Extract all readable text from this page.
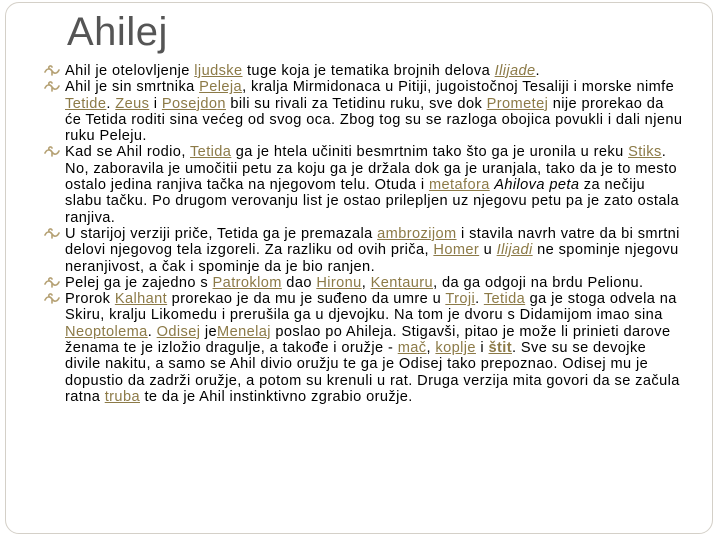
Ahilej
Ahil je otelovljenje ljudske tuge koja je tematika brojnih delova Ilijade.
Ahil je sin smrtnika Peleja, kralja Mirmidonaca u Pitiji, jugoistočnoj Tesaliji i morske nimfe Tetide. Zeus i Posejdon bili su rivali za Tetidinu ruku, sve dok Prometej nije prorekao da će Tetida roditi sina većeg od svog oca. Zbog tog su se razloga obojica povukli i dali njenu ruku Peleju.
Kad se Ahil rodio, Tetida ga je htela učiniti besmrtnim tako što ga je uronila u reku Stiks. No, zaboravila je umočitii petu za koju ga je držala dok ga je uranjala, tako da je to mesto ostalo jedina ranjiva tačka na njegovom telu. Otuda i metafora Ahilova peta za nečiju slabu tačku. Po drugom verovanju list je ostao prilepljen uz njegovu petu pa je zato ostala ranjiva.
U starijoj verziji priče, Tetida ga je premazala ambrozijom i stavila navrh vatre da bi smrtni delovi njegovog tela izgoreli. Za razliku od ovih priča, Homer u Ilijadi ne spominje njegovu neranjivost, a čak i spominje da je bio ranjen.
Pelej ga je zajedno s Patroklom dao Hironu, Kentauru, da ga odgoji na brdu Pelionu.
Prorok Kalhant prorekao je da mu je suđeno da umre u Troji. Tetida ga je stoga odvela na Skiru, kralju Likomedu i prerušila ga u djevojku. Na tom je dvoru s Didamijom imao sina Neoptolema. Odisej jeMenelaj poslao po Ahileja. Stigavši, pitao je može li prinieti darove ženama te je izložio dragulje, a takođe i oružje - mač, koplje i štit. Sve su se devojke divile nakitu, a samo se Ahil divio oružju te ga je Odisej tako prepoznao. Odisej mu je dopustio da zadrži oružje, a potom su krenuli u rat. Druga verzija mita govori da se začula ratna truba te da je Ahil instinktivno zgrabio oružje.
